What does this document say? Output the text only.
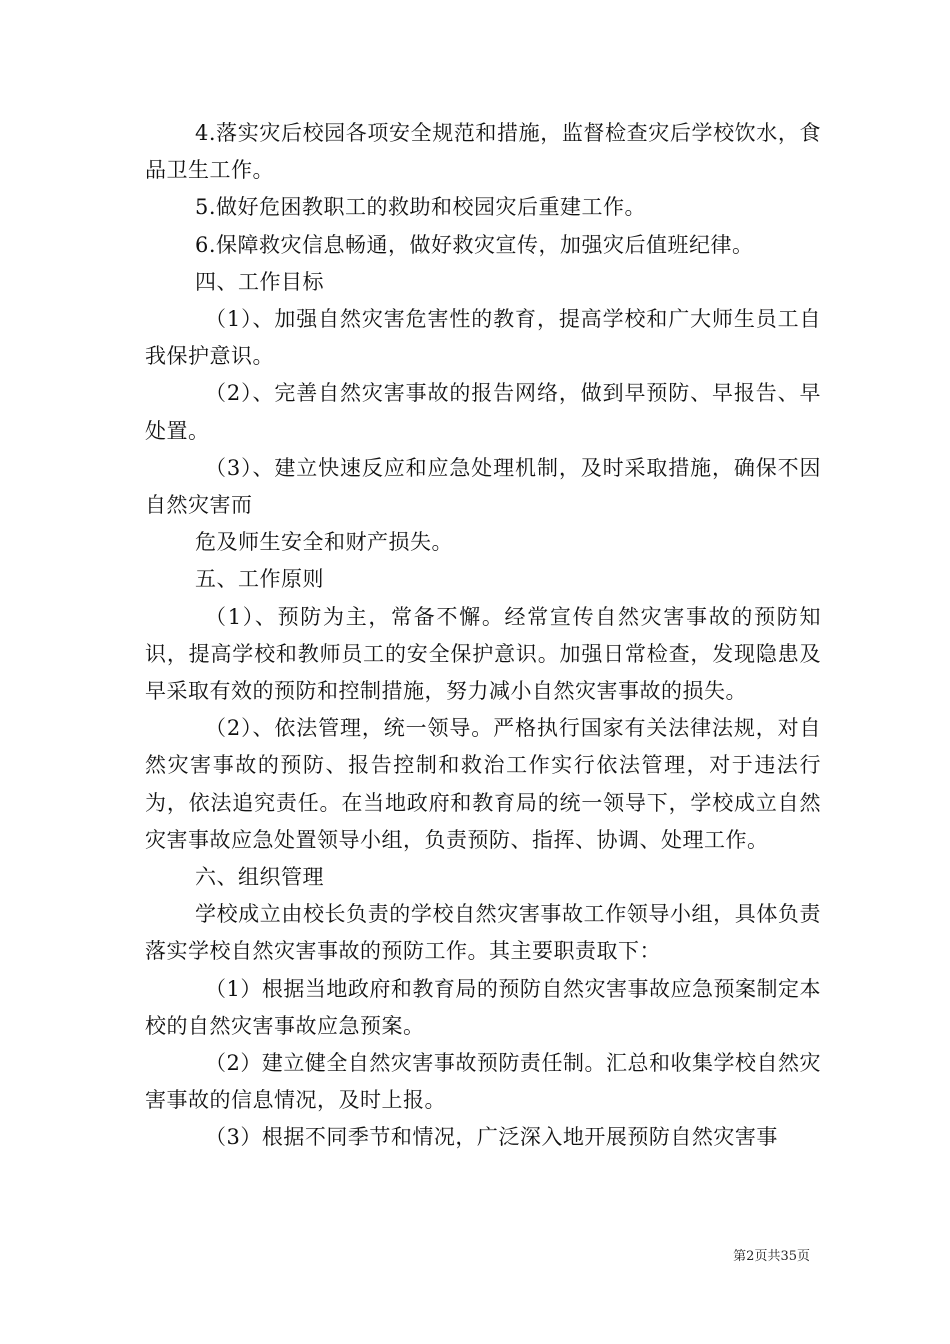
4.落实灾后校园各项安全规范和措施，监督检查灾后学校饮水，食品卫生工作。

5.做好危困教职工的救助和校园灾后重建工作。

6.保障救灾信息畅通，做好救灾宣传，加强灾后值班纪律。

四、工作目标

（1）、加强自然灾害危害性的教育，提高学校和广大师生员工自我保护意识。

（2）、完善自然灾害事故的报告网络，做到早预防、早报告、早处置。

（3）、建立快速反应和应急处理机制，及时采取措施，确保不因自然灾害而

危及师生安全和财产损失。

五、工作原则

（1）、预防为主，常备不懈。经常宣传自然灾害事故的预防知识，提高学校和教师员工的安全保护意识。加强日常检查，发现隐患及早采取有效的预防和控制措施，努力减小自然灾害事故的损失。

（2）、依法管理，统一领导。严格执行国家有关法律法规，对自然灾害事故的预防、报告控制和救治工作实行依法管理，对于违法行为，依法追究责任。在当地政府和教育局的统一领导下，学校成立自然灾害事故应急处置领导小组，负责预防、指挥、协调、处理工作。

六、组织管理

学校成立由校长负责的学校自然灾害事故工作领导小组，具体负责落实学校自然灾害事故的预防工作。其主要职责取下：

（1）根据当地政府和教育局的预防自然灾害事故应急预案制定本校的自然灾害事故应急预案。

（2）建立健全自然灾害事故预防责任制。汇总和收集学校自然灾害事故的信息情况，及时上报。

（3）根据不同季节和情况，广泛深入地开展预防自然灾害事

第2页共35页
